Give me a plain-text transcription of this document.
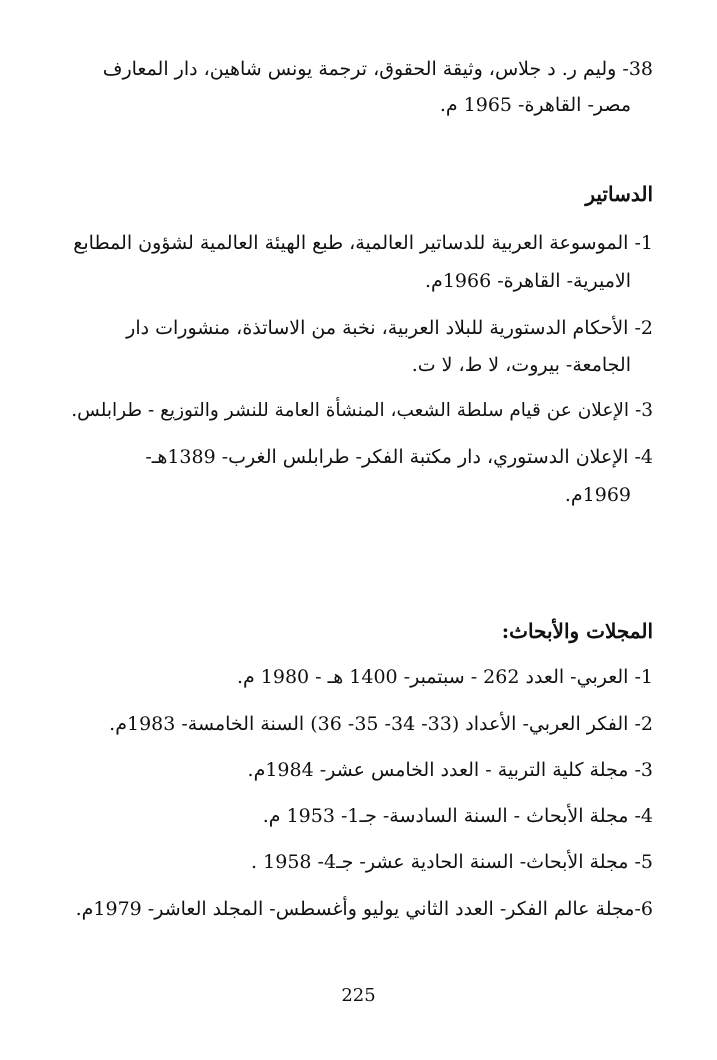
38- وليم ر. د جلاس، وثيقة الحقوق، ترجمة يونس شاهين، دار المعارف
مصر- القاهرة- 1965 م.
الدساتير
1- الموسوعة العربية للدساتير العالمية، طبع الهيئة العالمية لشؤون المطابع
الاميرية- القاهرة- 1966م.
2- الأحكام الدستورية للبلاد العربية، نخبة من الاساتذة، منشورات دار
الجامعة- بيروت، لا ط، لا ت.
3- الإعلان عن قيام سلطة الشعب، المنشأة العامة للنشر والتوزيع - طرابلس.
4- الإعلان الدستوري، دار مكتبة الفكر- طرابلس الغرب- 1389هـ-
1969م.
المجلات والأبحاث:
1- العربي- العدد 262 - سبتمبر- 1400 هـ - 1980 م.
2- الفكر العربي- الأعداد (33- 34- 35- 36) السنة الخامسة- 1983م.
3- مجلة كلية التربية - العدد الخامس عشر- 1984م.
4- مجلة الأبحاث - السنة السادسة- جـ1- 1953 م.
5- مجلة الأبحاث- السنة الحادية عشر- جـ4- 1958 .
6-مجلة عالم الفكر- العدد الثاني يوليو وأغسطس- المجلد العاشر- 1979م.
225
